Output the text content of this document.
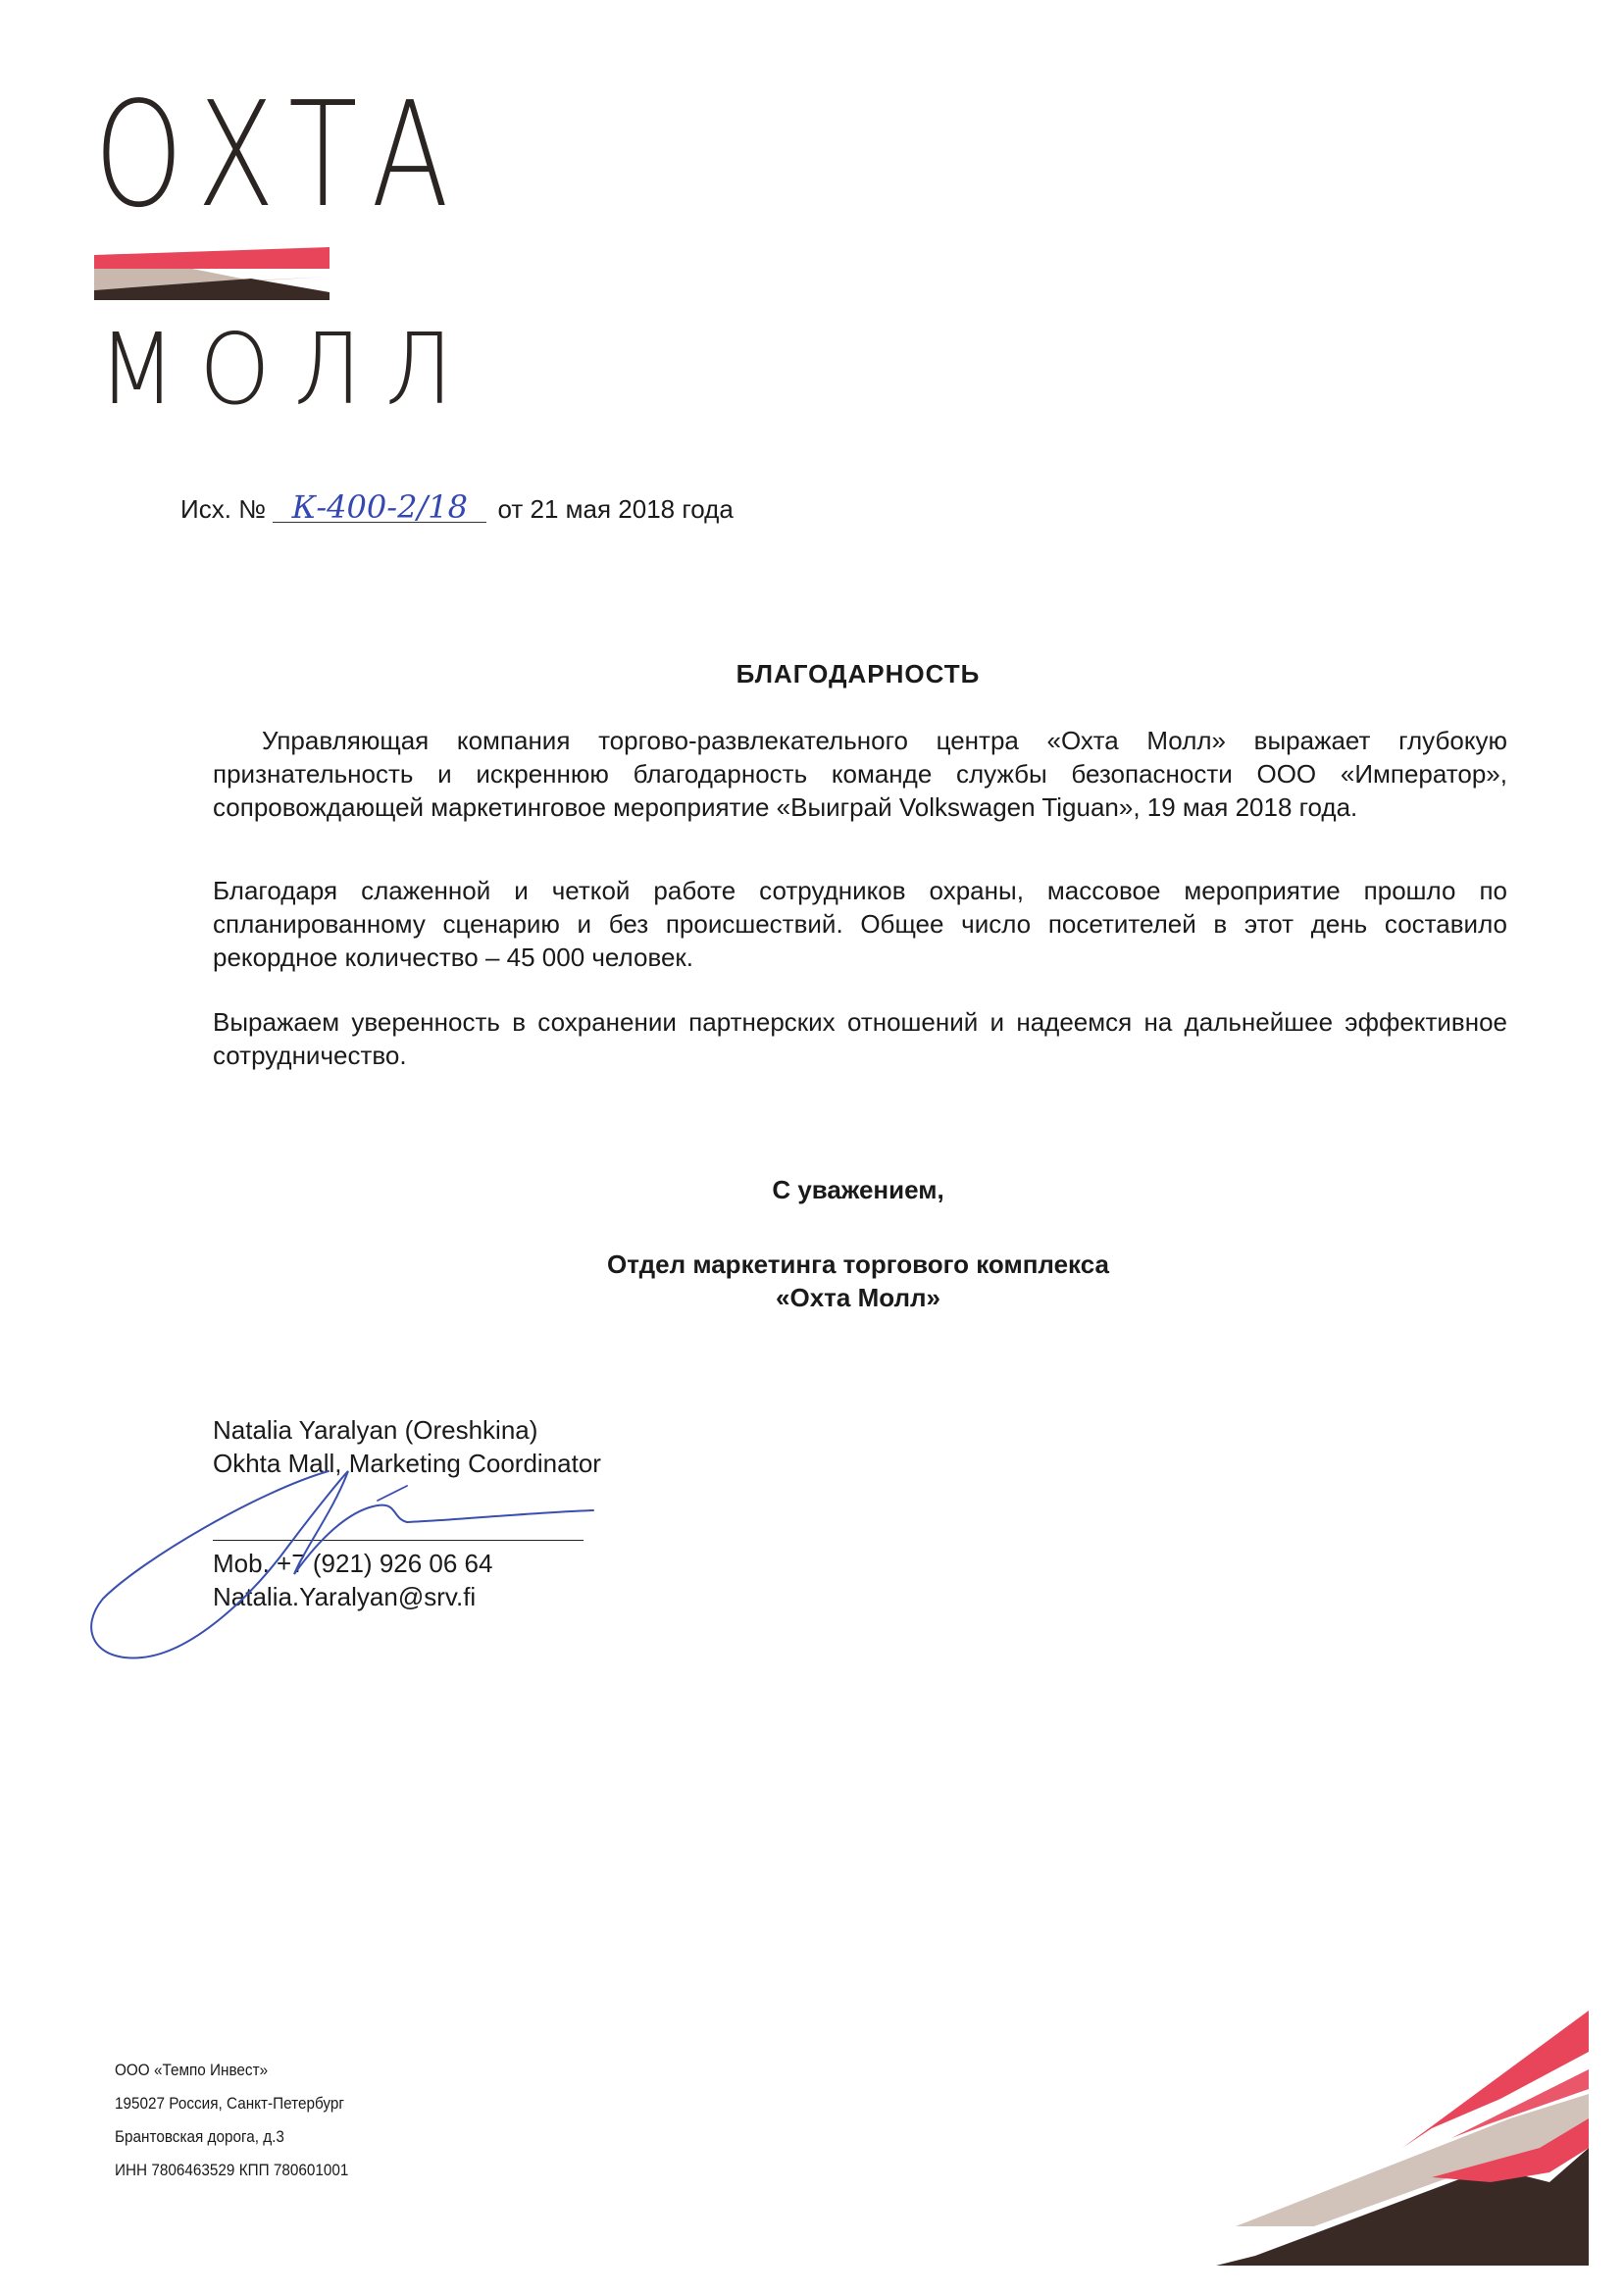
ОХТА
МОЛЛ
Исх. № К-400-2/18 от 21 мая 2018 года
БЛАГОДАРНОСТЬ
Управляющая компания торгово-развлекательного центра «Охта Молл» выражает глубокую признательность и искреннюю благодарность команде службы безопасности ООО «Император», сопровождающей маркетинговое мероприятие «Выиграй Volkswagen Tiguan», 19 мая 2018 года.
Благодаря слаженной и четкой работе сотрудников охраны, массовое мероприятие прошло по спланированному сценарию и без происшествий. Общее число посетителей в этот день составило рекордное количество – 45 000 человек.
Выражаем уверенность в сохранении партнерских отношений и надеемся на дальнейшее эффективное сотрудничество.
С уважением,
Отдел маркетинга торгового комплекса
«Охта Молл»
Natalia Yaralyan (Oreshkina)
Okhta Mall, Marketing Coordinator
Mob. +7 (921) 926 06 64
Natalia.Yaralyan@srv.fi
ООО «Темпо Инвест»
195027 Россия, Санкт-Петербург
Брантовская дорога, д.3
ИНН 7806463529 КПП 780601001
